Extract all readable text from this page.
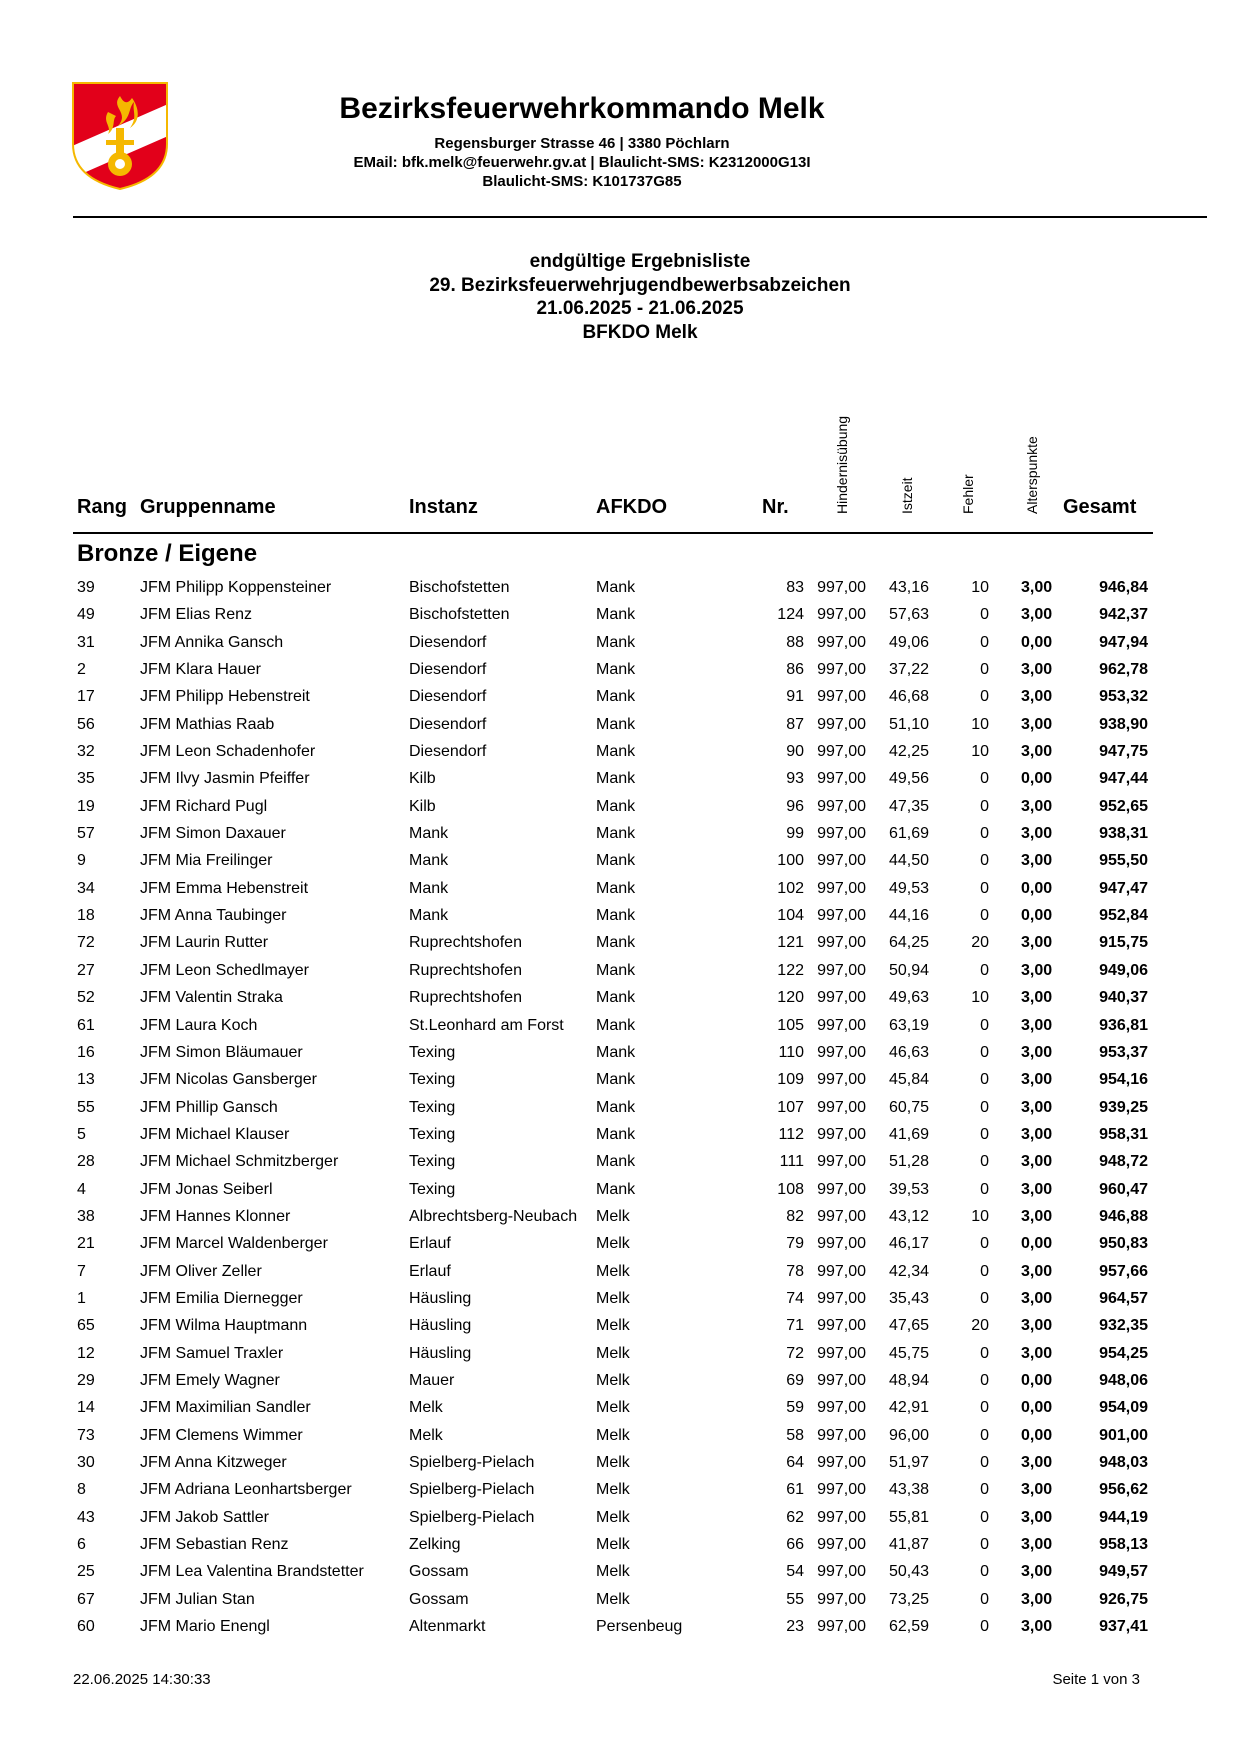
Bezirksfeuerwehrkommando Melk
Regensburger Strasse 46 | 3380 Pöchlarn
EMail: bfk.melk@feuerwehr.gv.at | Blaulicht-SMS: K2312000G13I
Blaulicht-SMS: K101737G85
endgültige Ergebnisliste
29. Bezirksfeuerwehrjugendbewerbsabzeichen
21.06.2025 - 21.06.2025
BFKDO Melk
Rang Gruppenname	Instanz	AFKDO	Nr.	Hindernisübung	Istzeit	Fehler	Alterspunkte Gesamt
Bronze / Eigene
39	JFM Philipp Koppensteiner	Bischofstetten	Mank	83 997,00 43,16	10 3,00	946,84
49	JFM Elias Renz	Bischofstetten	Mank	124 997,00 57,63	0 3,00	942,37
31	JFM Annika Gansch	Diesendorf	Mank	88 997,00 49,06	0 0,00	947,94
2	JFM Klara Hauer	Diesendorf	Mank	86 997,00 37,22	0 3,00	962,78
17	JFM Philipp Hebenstreit	Diesendorf	Mank	91 997,00 46,68	0 3,00	953,32
56	JFM Mathias Raab	Diesendorf	Mank	87 997,00 51,10	10 3,00	938,90
32	JFM Leon Schadenhofer	Diesendorf	Mank	90 997,00 42,25	10 3,00	947,75
35	JFM Ilvy Jasmin Pfeiffer	Kilb	Mank	93 997,00 49,56	0 0,00	947,44
19	JFM Richard Pugl	Kilb	Mank	96 997,00 47,35	0 3,00	952,65
57	JFM Simon Daxauer	Mank	Mank	99 997,00 61,69	0 3,00	938,31
9	JFM Mia Freilinger	Mank	Mank	100 997,00 44,50	0 3,00	955,50
34	JFM Emma Hebenstreit	Mank	Mank	102 997,00 49,53	0 0,00	947,47
18	JFM Anna Taubinger	Mank	Mank	104 997,00 44,16	0 0,00	952,84
72	JFM Laurin Rutter	Ruprechtshofen	Mank	121 997,00 64,25	20 3,00	915,75
27	JFM Leon Schedlmayer	Ruprechtshofen	Mank	122 997,00 50,94	0 3,00	949,06
52	JFM Valentin Straka	Ruprechtshofen	Mank	120 997,00 49,63	10 3,00	940,37
61	JFM Laura Koch	St.Leonhard am Forst Mank	105 997,00 63,19	0 3,00	936,81
16	JFM Simon Bläumauer	Texing	Mank	110 997,00 46,63	0 3,00	953,37
13	JFM Nicolas Gansberger	Texing	Mank	109 997,00 45,84	0 3,00	954,16
55	JFM Phillip Gansch	Texing	Mank	107 997,00 60,75	0 3,00	939,25
5	JFM Michael Klauser	Texing	Mank	112 997,00 41,69	0 3,00	958,31
28	JFM Michael Schmitzberger	Texing	Mank	111 997,00 51,28	0 3,00	948,72
4	JFM Jonas Seiberl	Texing	Mank	108 997,00 39,53	0 3,00	960,47
38	JFM Hannes Klonner	Albrechtsberg-Neubach Melk	82 997,00 43,12	10 3,00	946,88
21	JFM Marcel Waldenberger	Erlauf	Melk	79 997,00 46,17	0 0,00	950,83
7	JFM Oliver Zeller	Erlauf	Melk	78 997,00 42,34	0 3,00	957,66
1	JFM Emilia Diernegger	Häusling	Melk	74 997,00 35,43	0 3,00	964,57
65	JFM Wilma Hauptmann	Häusling	Melk	71 997,00 47,65	20 3,00	932,35
12	JFM Samuel Traxler	Häusling	Melk	72 997,00 45,75	0 3,00	954,25
29	JFM Emely Wagner	Mauer	Melk	69 997,00 48,94	0 0,00	948,06
14	JFM Maximilian Sandler	Melk	Melk	59 997,00 42,91	0 0,00	954,09
73	JFM Clemens Wimmer	Melk	Melk	58 997,00 96,00	0 0,00	901,00
30	JFM Anna Kitzweger	Spielberg-Pielach	Melk	64 997,00 51,97	0 3,00	948,03
8	JFM Adriana Leonhartsberger	Spielberg-Pielach	Melk	61 997,00 43,38	0 3,00	956,62
43	JFM Jakob Sattler	Spielberg-Pielach	Melk	62 997,00 55,81	0 3,00	944,19
6	JFM Sebastian Renz	Zelking	Melk	66 997,00 41,87	0 3,00	958,13
25	JFM Lea Valentina Brandstetter	Gossam	Melk	54 997,00 50,43	0 3,00	949,57
67	JFM Julian Stan	Gossam	Melk	55 997,00 73,25	0 3,00	926,75
60	JFM Mario Enengl	Altenmarkt	Persenbeug	23 997,00 62,59	0 3,00	937,41
22.06.2025 14:30:33	Seite 1 von 3
